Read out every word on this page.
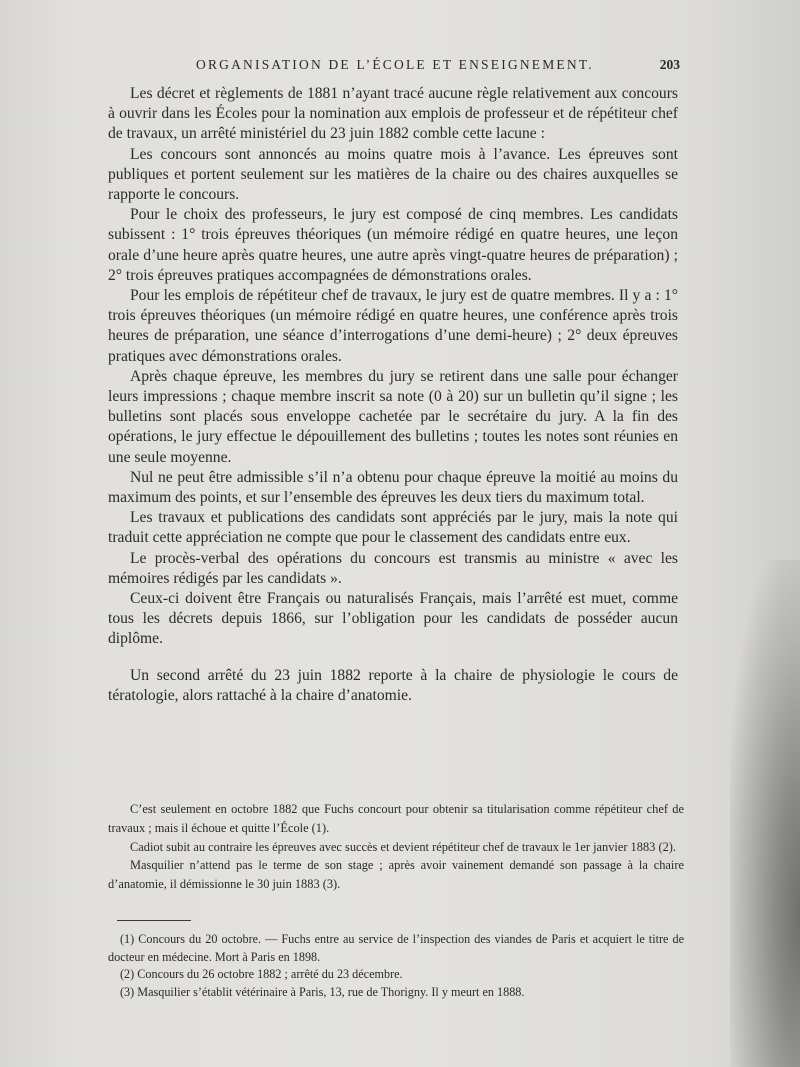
ORGANISATION DE L’ÉCOLE ET ENSEIGNEMENT.	203

Les décret et règlements de 1881 n’ayant tracé aucune règle relativement aux concours à ouvrir dans les Écoles pour la nomination aux emplois de professeur et de répétiteur chef de travaux, un arrêté ministériel du 23 juin 1882 comble cette lacune :

Les concours sont annoncés au moins quatre mois à l’avance. Les épreuves sont publiques et portent seulement sur les matières de la chaire ou des chaires auxquelles se rapporte le concours.

Pour le choix des professeurs, le jury est composé de cinq membres. Les candidats subissent : 1° trois épreuves théoriques (un mémoire rédigé en quatre heures, une leçon orale d’une heure après quatre heures, une autre après vingt-quatre heures de préparation) ; 2° trois épreuves pratiques accompagnées de démonstrations orales.

Pour les emplois de répétiteur chef de travaux, le jury est de quatre membres. Il y a : 1° trois épreuves théoriques (un mémoire rédigé en quatre heures, une conférence après trois heures de préparation, une séance d’interrogations d’une demi-heure) ; 2° deux épreuves pratiques avec démonstrations orales.

Après chaque épreuve, les membres du jury se retirent dans une salle pour échanger leurs impressions ; chaque membre inscrit sa note (0 à 20) sur un bulletin qu’il signe ; les bulletins sont placés sous enveloppe cachetée par le secrétaire du jury. A la fin des opérations, le jury effectue le dépouillement des bulletins ; toutes les notes sont réunies en une seule moyenne.

Nul ne peut être admissible s’il n’a obtenu pour chaque épreuve la moitié au moins du maximum des points, et sur l’ensemble des épreuves les deux tiers du maximum total.

Les travaux et publications des candidats sont appréciés par le jury, mais la note qui traduit cette appréciation ne compte que pour le classement des candidats entre eux.

Le procès-verbal des opérations du concours est transmis au ministre « avec les mémoires rédigés par les candidats ».

Ceux-ci doivent être Français ou naturalisés Français, mais l’arrêté est muet, comme tous les décrets depuis 1866, sur l’obligation pour les candidats de posséder aucun diplôme.

Un second arrêté du 23 juin 1882 reporte à la chaire de physiologie le cours de tératologie, alors rattaché à la chaire d’anatomie.

C’est seulement en octobre 1882 que Fuchs concourt pour obtenir sa titularisation comme répétiteur chef de travaux ; mais il échoue et quitte l’École (1).

Cadiot subit au contraire les épreuves avec succès et devient répétiteur chef de travaux le 1er janvier 1883 (2).

Masquilier n’attend pas le terme de son stage ; après avoir vainement demandé son passage à la chaire d’anatomie, il démissionne le 30 juin 1883 (3).

(1) Concours du 20 octobre. — Fuchs entre au service de l’inspection des viandes de Paris et acquiert le titre de docteur en médecine. Mort à Paris en 1898.

(2) Concours du 26 octobre 1882 ; arrêté du 23 décembre.

(3) Masquilier s’établit vétérinaire à Paris, 13, rue de Thorigny. Il y meurt en 1888.
